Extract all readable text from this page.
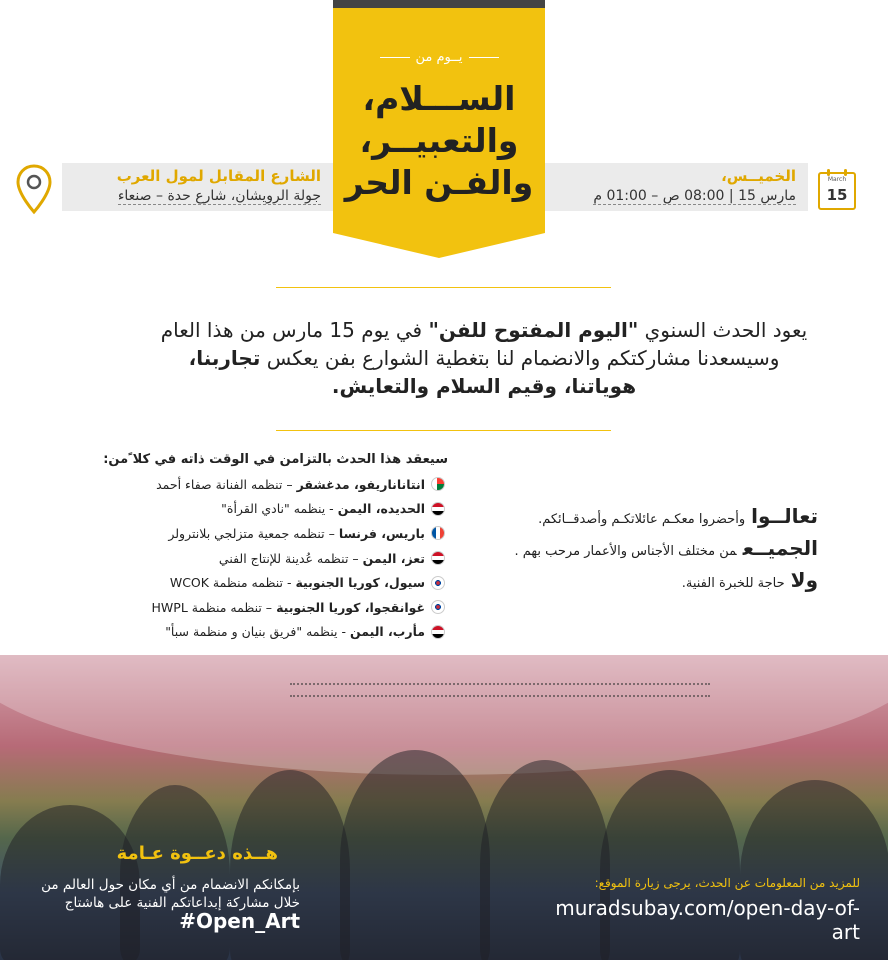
يــوم من
الســـلام،
والتعبيــر،
والفـن الحر
الشارع المقابل لمول العرب
جولة الرويشان، شارع حدة – صنعاء
الخميــس،
مارس 15 | 08:00 ص – 01:00 م
March
15
يعود الحدث السنوي "اليوم المفتوح للفن" في يوم 15 مارس من هذا العام وسيسعدنا مشاركتكم والانضمام لنا بتغطية الشوارع بفن يعكس تجاربنا، هوياتنا، وقيم السلام والتعايش.
سيعقد هذا الحدث بالتزامن في الوقت ذاته في كلا ًمن:
انتاناناريفو، مدغشقر
– تنظمه الفنانة صفاء أحمد
الحديده، اليمن
- ينظمه "نادي القرأة"
باريس، فرنسا
– تنظمه جمعية متزلجي بلانترولر
تعز، اليمن
– تنظمه عُدينة للإنتاج الفني
سيول، كوريا الجنوبية
- تنظمه منظمة WCOK
غوانقجوا، كوريا الجنوبية
– تنظمه منظمة HWPL
مأرب، اليمن
- ينظمه "فريق بنيان و منظمة سبأ"
تعالــواوأحضروا معكـم عائلاتكـم وأصدقــائكم.
الجميــعمن مختلف الأجناس والأعمار مرحب بهم .
ولاحاجة للخبرة الفنية.
هــذه دعــوة عـامة
بإمكانكم الانضمام من أي مكان حول العالم من خلال مشاركة إبداعاتكم الفنية على هاشتاج #Open_Art
للمزيد من المعلومات عن الحدث، يرجى زيارة الموقع:
muradsubay.com/open-day-of-art
